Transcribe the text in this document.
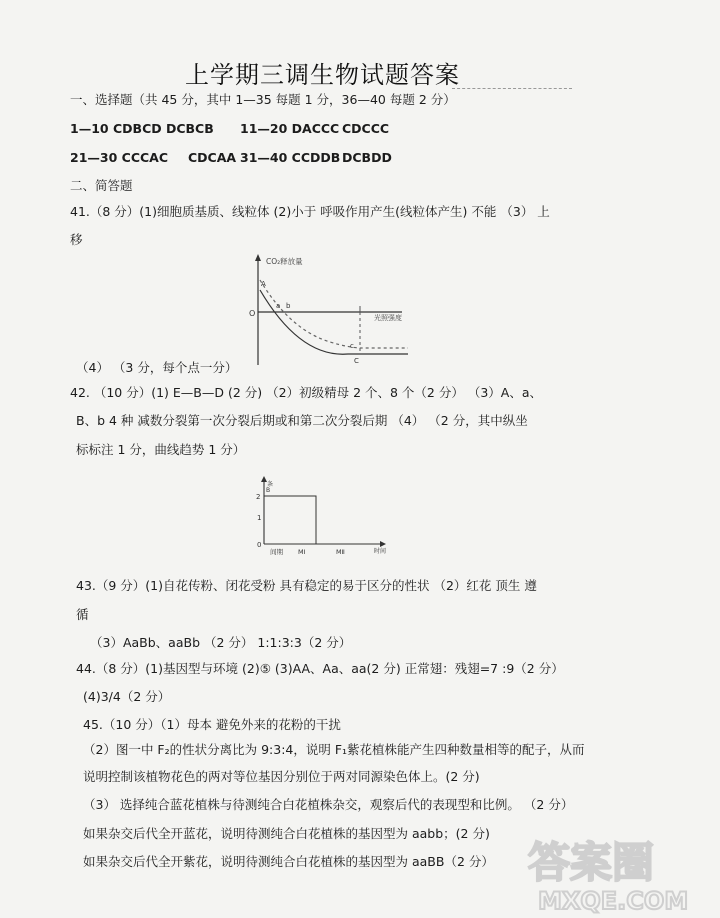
上学期三调生物试题答案
一、选择题（共 45 分，其中 1—35 每题 1 分，36—40 每题 2 分）
1—10 CDBCD DCBCB 11—20 DACCC CDCCC
21—30 CCCAC CDCAA 31—40 CCDDB DCBDD
二、简答题
41.（8 分）(1)细胞质基质、线粒体 (2)小于 呼吸作用产生(线粒体产生) 不能 （3） 上
移
CO₂释放量
光照强度
O
A
a b
c
C
（4） （3 分，每个点一分）
42. （10 分）(1) E—B—D (2 分) （2）初级精母 2 个、8 个（2 分） （3）A、a、
B、b 4 种 减数分裂第一次分裂后期或和第二次分裂后期 （4） （2 分，其中纵坐
标标注 1 分，曲线趋势 1 分）
条
2
B
1
0
间期 MⅠ	MⅡ	时间
43.（9 分）(1)自花传粉、闭花受粉 具有稳定的易于区分的性状 （2）红花 顶生 遵
循
（3）AaBb、aaBb （2 分） 1:1:3:3（2 分）
44.（8 分）(1)基因型与环境 (2)⑤ (3)AA、Aa、aa(2 分) 正常翅：残翅=7 :9（2 分）
(4)3/4（2 分）
45.（10 分）（1）母本 避免外来的花粉的干扰
（2）图一中 F₂的性状分离比为 9:3:4，说明 F₁紫花植株能产生四种数量相等的配子，从而
说明控制该植物花色的两对等位基因分别位于两对同源染色体上。(2 分)
（3） 选择纯合蓝花植株与待测纯合白花植株杂交，观察后代的表现型和比例。 （2 分）
如果杂交后代全开蓝花，说明待测纯合白花植株的基因型为 aabb；(2 分)
如果杂交后代全开紫花，说明待测纯合白花植株的基因型为 aaBB（2 分） 答案圈
MXQE.COM
